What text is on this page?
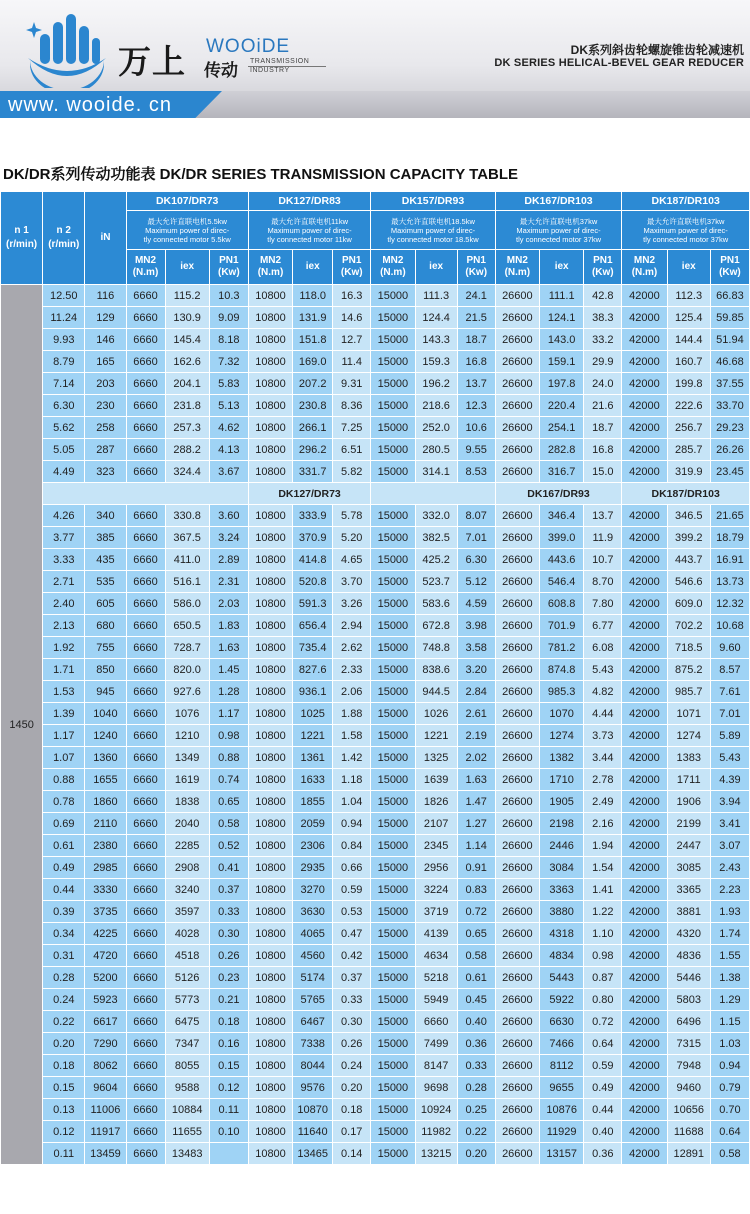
万上 WOOiDE
传动 TRANSMISSION
INDUSTRY
DK系列斜齿轮螺旋锥齿轮减速机
DK SERIES HELICAL-BEVEL GEAR REDUCER
www. wooide. cn
DK/DR系列传动功能表 DK/DR SERIES TRANSMISSION CAPACITY TABLE
n 1
(r/min)	n 2
(r/min)	iN	DK107/DR73			DK127/DR83			DK157/DR93			DK167/DR103			DK187/DR103		
			最大允许直联电机5.5kw
Maximum power of direc-
tly connected motor 5.5kw			最大允许直联电机11kw
Maximum power of direc-
tly connected motor 11kw			最大允许直联电机18.5kw
Maximum power of direc-
tly connected motor 18.5kw			最大允许直联电机37kw
Maximum power of direc-
tly connected motor 37kw			最大允许直联电机37kw
Maximum power of direc-
tly connected motor 37kw		
			MN2
(N.m)	iex	PN1
(Kw)	MN2
(N.m)	iex	PN1
(Kw)	MN2
(N.m)	iex	PN1
(Kw)	MN2
(N.m)	iex	PN1
(Kw)	MN2
(N.m)	iex	PN1
(Kw)
1450	12.50	116	6660	115.2	10.3	10800	118.0	16.3	15000	111.3	24.1	26600	111.1	42.8	42000	112.3	66.83
	11.24	129	6660	130.9	9.09	10800	131.9	14.6	15000	124.4	21.5	26600	124.1	38.3	42000	125.4	59.85
	9.93	146	6660	145.4	8.18	10800	151.8	12.7	15000	143.3	18.7	26600	143.0	33.2	42000	144.4	51.94
	8.79	165	6660	162.6	7.32	10800	169.0	11.4	15000	159.3	16.8	26600	159.1	29.9	42000	160.7	46.68
	7.14	203	6660	204.1	5.83	10800	207.2	9.31	15000	196.2	13.7	26600	197.8	24.0	42000	199.8	37.55
	6.30	230	6660	231.8	5.13	10800	230.8	8.36	15000	218.6	12.3	26600	220.4	21.6	42000	222.6	33.70
	5.62	258	6660	257.3	4.62	10800	266.1	7.25	15000	252.0	10.6	26600	254.1	18.7	42000	256.7	29.23
	5.05	287	6660	288.2	4.13	10800	296.2	6.51	15000	280.5	9.55	26600	282.8	16.8	42000	285.7	26.26
	4.49	323	6660	324.4	3.67	10800	331.7	5.82	15000	314.1	8.53	26600	316.7	15.0	42000	319.9	23.45
						DK127/DR73						DK167/DR93			DK187/DR103		
	4.26	340	6660	330.8	3.60	10800	333.9	5.78	15000	332.0	8.07	26600	346.4	13.7	42000	346.5	21.65
	3.77	385	6660	367.5	3.24	10800	370.9	5.20	15000	382.5	7.01	26600	399.0	11.9	42000	399.2	18.79
	3.33	435	6660	411.0	2.89	10800	414.8	4.65	15000	425.2	6.30	26600	443.6	10.7	42000	443.7	16.91
	2.71	535	6660	516.1	2.31	10800	520.8	3.70	15000	523.7	5.12	26600	546.4	8.70	42000	546.6	13.73
	2.40	605	6660	586.0	2.03	10800	591.3	3.26	15000	583.6	4.59	26600	608.8	7.80	42000	609.0	12.32
	2.13	680	6660	650.5	1.83	10800	656.4	2.94	15000	672.8	3.98	26600	701.9	6.77	42000	702.2	10.68
	1.92	755	6660	728.7	1.63	10800	735.4	2.62	15000	748.8	3.58	26600	781.2	6.08	42000	718.5	9.60
	1.71	850	6660	820.0	1.45	10800	827.6	2.33	15000	838.6	3.20	26600	874.8	5.43	42000	875.2	8.57
	1.53	945	6660	927.6	1.28	10800	936.1	2.06	15000	944.5	2.84	26600	985.3	4.82	42000	985.7	7.61
	1.39	1040	6660	1076	1.17	10800	1025	1.88	15000	1026	2.61	26600	1070	4.44	42000	1071	7.01
	1.17	1240	6660	1210	0.98	10800	1221	1.58	15000	1221	2.19	26600	1274	3.73	42000	1274	5.89
	1.07	1360	6660	1349	0.88	10800	1361	1.42	15000	1325	2.02	26600	1382	3.44	42000	1383	5.43
	0.88	1655	6660	1619	0.74	10800	1633	1.18	15000	1639	1.63	26600	1710	2.78	42000	1711	4.39
	0.78	1860	6660	1838	0.65	10800	1855	1.04	15000	1826	1.47	26600	1905	2.49	42000	1906	3.94
	0.69	2110	6660	2040	0.58	10800	2059	0.94	15000	2107	1.27	26600	2198	2.16	42000	2199	3.41
	0.61	2380	6660	2285	0.52	10800	2306	0.84	15000	2345	1.14	26600	2446	1.94	42000	2447	3.07
	0.49	2985	6660	2908	0.41	10800	2935	0.66	15000	2956	0.91	26600	3084	1.54	42000	3085	2.43
	0.44	3330	6660	3240	0.37	10800	3270	0.59	15000	3224	0.83	26600	3363	1.41	42000	3365	2.23
	0.39	3735	6660	3597	0.33	10800	3630	0.53	15000	3719	0.72	26600	3880	1.22	42000	3881	1.93
	0.34	4225	6660	4028	0.30	10800	4065	0.47	15000	4139	0.65	26600	4318	1.10	42000	4320	1.74
	0.31	4720	6660	4518	0.26	10800	4560	0.42	15000	4634	0.58	26600	4834	0.98	42000	4836	1.55
	0.28	5200	6660	5126	0.23	10800	5174	0.37	15000	5218	0.61	26600	5443	0.87	42000	5446	1.38
	0.24	5923	6660	5773	0.21	10800	5765	0.33	15000	5949	0.45	26600	5922	0.80	42000	5803	1.29
	0.22	6617	6660	6475	0.18	10800	6467	0.30	15000	6660	0.40	26600	6630	0.72	42000	6496	1.15
	0.20	7290	6660	7347	0.16	10800	7338	0.26	15000	7499	0.36	26600	7466	0.64	42000	7315	1.03
	0.18	8062	6660	8055	0.15	10800	8044	0.24	15000	8147	0.33	26600	8112	0.59	42000	7948	0.94
	0.15	9604	6660	9588	0.12	10800	9576	0.20	15000	9698	0.28	26600	9655	0.49	42000	9460	0.79
	0.13	11006	6660	10884	0.11	10800	10870	0.18	15000	10924	0.25	26600	10876	0.44	42000	10656	0.70
	0.12	11917	6660	11655	0.10	10800	11640	0.17	15000	11982	0.22	26600	11929	0.40	42000	11688	0.64
	0.11	13459	6660	13483		10800	13465	0.14	15000	13215	0.20	26600	13157	0.36	42000	12891	0.58
